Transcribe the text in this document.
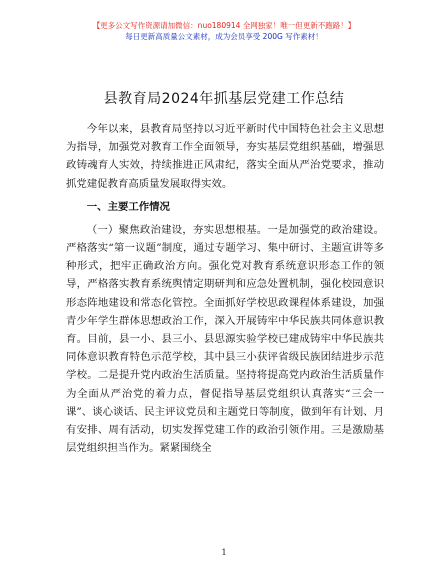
【更多公文写作资源请加微信：nuo180914 全网独家！唯一但更新不跑路！】
每日更新高质量公文素材，成为会员享受 200G 写作素材！
县教育局2024年抓基层党建工作总结

今年以来，县教育局坚持以习近平新时代中国特色社会主义思想为指导，加强党对教育工作全面领导，夯实基层党组织基础，增强思政铸魂育人实效，持续推进正风肃纪，落实全面从严治党要求，推动抓党建促教育高质量发展取得实效。

一、主要工作情况

（一）聚焦政治建设，夯实思想根基。一是加强党的政治建设。严格落实“第一议题”制度，通过专题学习、集中研讨、主题宣讲等多种形式，把牢正确政治方向。强化党对教育系统意识形态工作的领导，严格落实教育系统舆情定期研判和应急处置机制，强化校园意识形态阵地建设和常态化管控。全面抓好学校思政课程体系建设，加强青少年学生群体思想政治工作，深入开展铸牢中华民族共同体意识教育。目前，县一小、县三小、县思源实验学校已建成铸牢中华民族共同体意识教育特色示范学校，其中县三小获评省级民族团结进步示范学校。二是提升党内政治生活质量。坚持将提高党内政治生活质量作为全面从严治党的着力点，督促指导基层党组织认真落实“三会一课”、谈心谈话、民主评议党员和主题党日等制度，做到年有计划、月有安排、周有活动，切实发挥党建工作的政治引领作用。三是激励基层党组织担当作为。紧紧围绕全

1
